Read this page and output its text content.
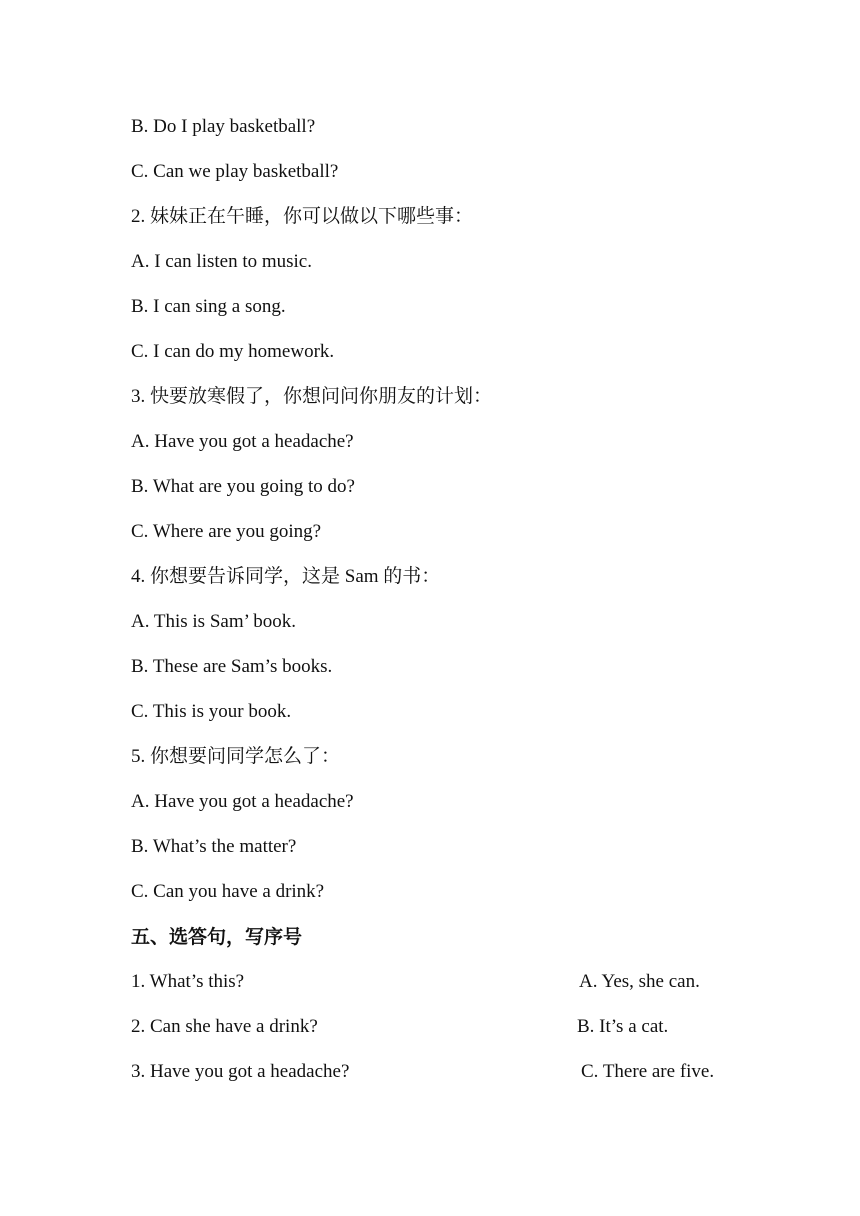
B. Do I play basketball?
C. Can we play basketball?
2. 妹妹正在午睡，你可以做以下哪些事：
A. I can listen to music.
B. I can sing a song.
C. I can do my homework.
3. 快要放寒假了，你想问问你朋友的计划：
A. Have you got a headache?
B. What are you going to do?
C. Where are you going?
4. 你想要告诉同学，这是 Sam 的书：
A. This is Sam’ book.
B. These are Sam’s books.
C. This is your book.
5. 你想要问同学怎么了：
A. Have you got a headache?
B. What’s the matter?
C. Can you have a drink?
五、选答句，写序号
1. What’s this?	A. Yes, she can.
2. Can she have a drink?	B. It’s a cat.
3. Have you got a headache?	C. There are five.
